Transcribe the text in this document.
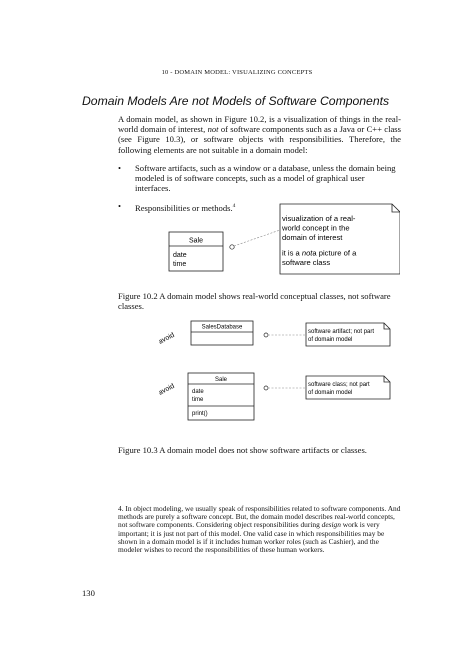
10 - DOMAIN MODEL: VISUALIZING CONCEPTS
Domain Models Are not Models of Software Components

A domain model, as shown in Figure 10.2, is a visualization of things in the real-world domain of interest, not of software components such as a Java or C++ class (see Figure 10.3), or software objects with responsibilities. Therefore, the following elements are not suitable in a domain model:

• Software artifacts, such as a window or a database, unless the domain being modeled is of software concepts, such as a model of graphical user interfaces.
• Responsibilities or methods.$^4$
Sale
date
time
visualization of a real-
world concept in the
domain of interest
it is a nota picture of a
software class
Figure 10.2 A domain model shows real-world conceptual classes, not software classes.
avoid
SalesDatabase
software artifact; not part
of domain model
avoid
Sale
date
time
print()
software class; not part
of domain model
Figure 10.3 A domain model does not show software artifacts or classes.
4. In object modeling, we usually speak of responsibilities related to software components. And methods are purely a software concept. But, the domain model describes real-world concepts, not software components. Considering object responsibilities during design work is very important; it is just not part of this model. One valid case in which responsibilities may be shown in a domain model is if it includes human worker roles (such as Cashier), and the modeler wishes to record the responsibilities of these human workers.
130
